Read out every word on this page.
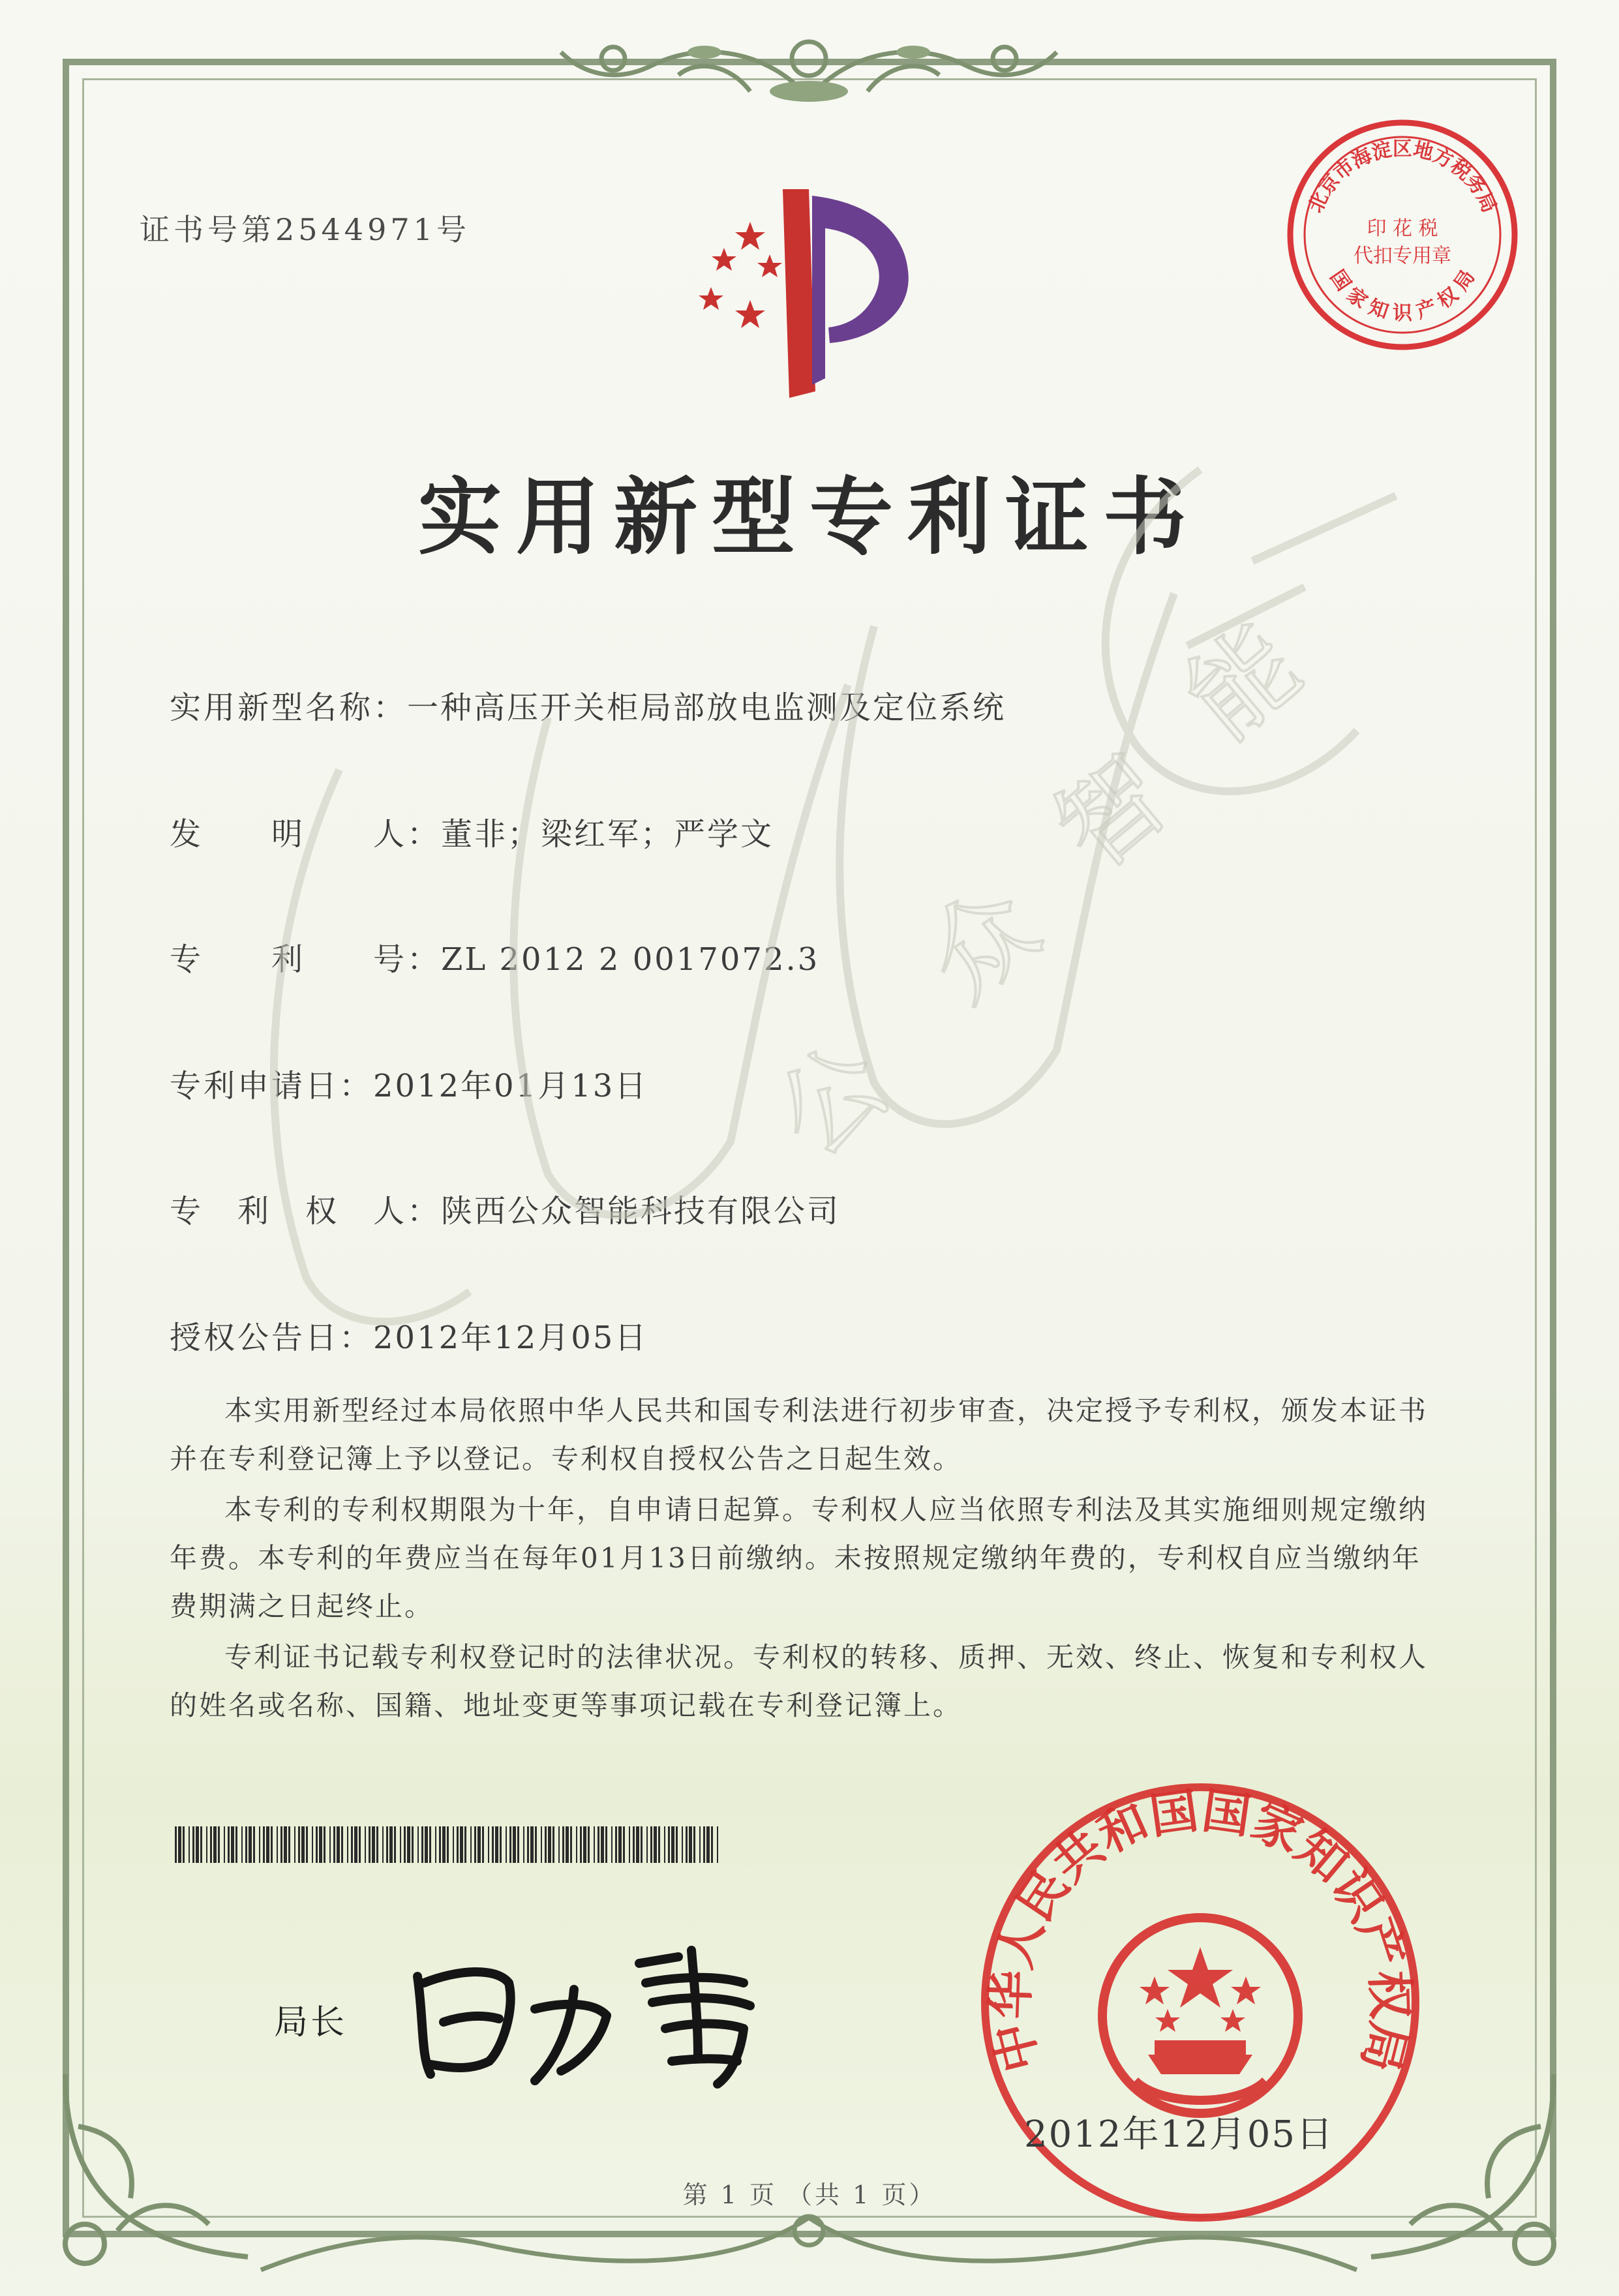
证书号第2544971号
北京市海淀区地方税务局
印 花 税
代扣专用章
国 家 知 识 产 权 局
实用新型专利证书
实用新型名称：一种高压开关柜局部放电监测及定位系统
发　　明　　人：董非；梁红军；严学文
专　　利　　号：ZL 2012 2 0017072.3
专利申请日：2012年01月13日
专　利　权　人：陕西公众智能科技有限公司
授权公告日：2012年12月05日

本实用新型经过本局依照中华人民共和国专利法进行初步审查，决定授予专利权，颁发本证书并在专利登记簿上予以登记。专利权自授权公告之日起生效。

本专利的专利权期限为十年，自申请日起算。专利权人应当依照专利法及其实施细则规定缴纳年费。本专利的年费应当在每年01月13日前缴纳。未按照规定缴纳年费的，专利权自应当缴纳年费期满之日起终止。

专利证书记载专利权登记时的法律状况。专利权的转移、质押、无效、终止、恢复和专利权人的姓名或名称、国籍、地址变更等事项记载在专利登记簿上。

局长	中华人民共和国国家知识产权局
2012年12月05日
公
众
智
能
第 1 页 （共 1 页）
